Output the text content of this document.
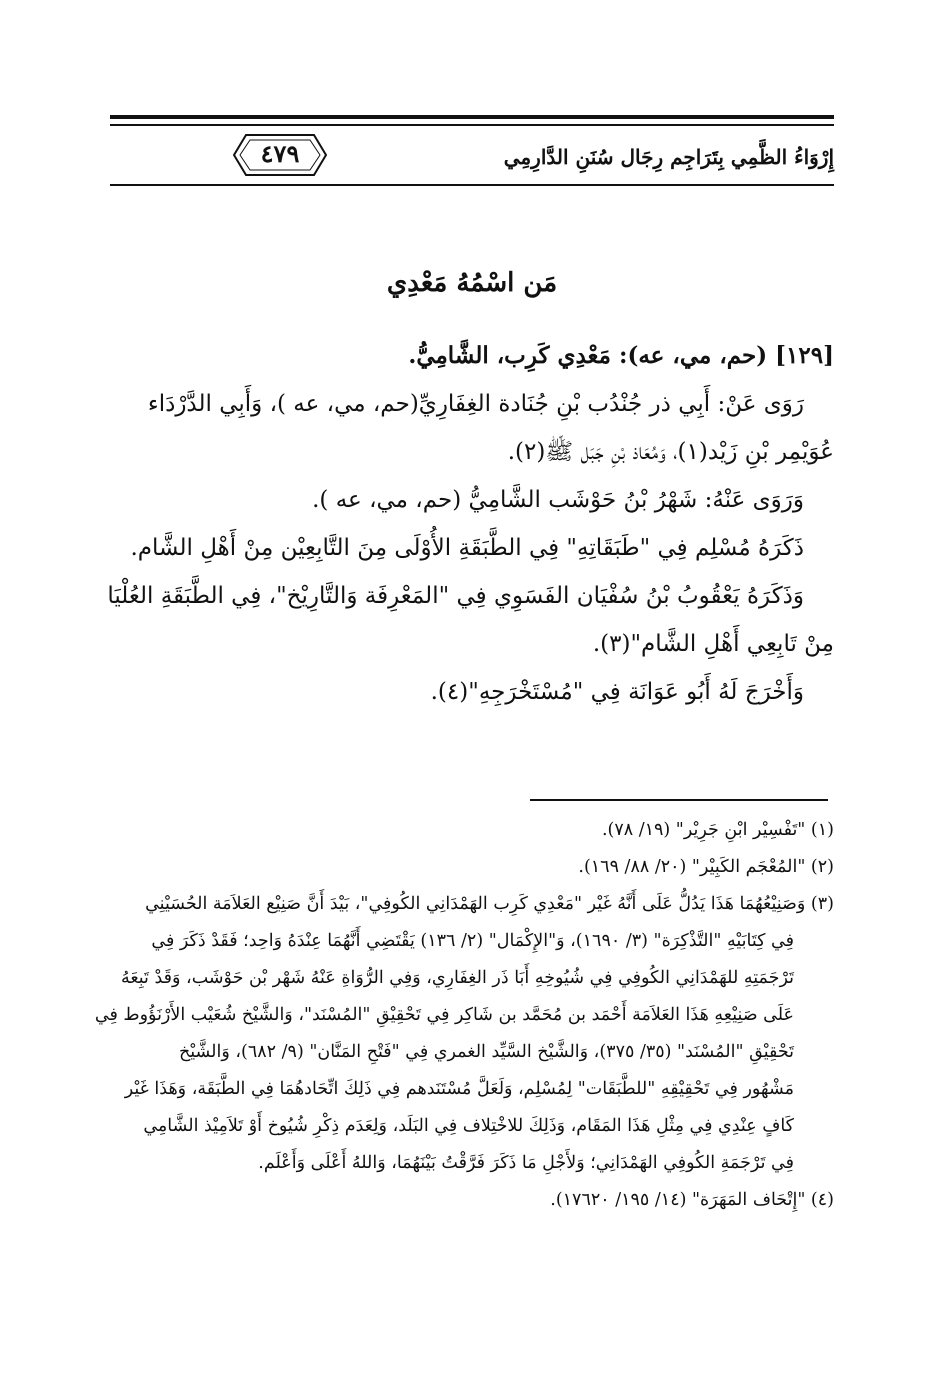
إِرْوَاءُ الظَّمِي بِتَرَاجِم رِجَال سُنَنِ الدَّارِمِي
٤٧٩
مَن اسْمُهُ مَعْدِي
[١٢٩] (حم، مي، عه): مَعْدِي كَرِب، الشَّامِيُّ.
رَوَى عَنْ: أَبِي ذر جُنْدُب بْنِ جُنَادة الغِفَارِيِّ(حم، مي، عه )، وَأَبِي الدَّرْدَاء
عُوَيْمِر بْنِ زَيْد(١)، وَمُعَاذ بْنِ جَبَل ﷺ(٢).
وَرَوَى عَنْهُ: شَهْرُ بْنُ حَوْشَب الشَّامِيُّ (حم، مي، عه ).
ذَكَرَهُ مُسْلِم فِي "طَبَقَاتِهِ" فِي الطَّبَقَةِ الأُوْلَى مِنَ التَّابِعِيْن مِنْ أَهْلِ الشَّام.
وَذَكَرَهُ يَعْقُوبُ بْنُ سُفْيَان الفَسَوِي فِي "المَعْرِفَة وَالتَّارِيْخ"، فِي الطَّبَقَةِ العُلْيَا
مِنْ تَابِعِي أَهْلِ الشَّام"(٣).
وَأَخْرَجَ لَهُ أَبُو عَوَانَة فِي "مُسْتَخْرَجِهِ"(٤).
(١) "تَفْسِيْر ابْنِ جَرِيْر" (١٩/ ٧٨).
(٢) "المُعْجَم الكَبِيْر" (٢٠/ ٨٨/ ١٦٩).
(٣) وَصَنِيْعُهُمَا هَذَا يَدُلُّ عَلَى أَنَّهُ غَيْر "مَعْدِي كَرِب الهَمْدَانِي الكُوفِي"، بَيْدَ أَنَّ صَنِيْع العَلاَمَة الحُسَيْنِي
فِي كِتَابَيْهِ "التَّذْكِرَة" (٣/ ١٦٩٠)، وَ"الإِكْمَال" (٢/ ١٣٦) يَقْتَضِي أَنَّهُمَا عِنْدَهُ وَاحِد؛ فَقَدْ ذَكَرَ فِي
تَرْجَمَتِهِ للهَمْدَانِي الكُوفِي فِي شُيُوخِهِ أَبَا ذَر الغِفَارِي، وَفِي الرُّوَاةِ عَنْهُ شَهْر بْن حَوْشَب، وَقَدْ تَبِعَهُ
عَلَى صَنِيْعِهِ هَذَا العَلاَمَة أَحْمَد بن مُحَمَّد بن شَاكِر فِي تَحْقِيْقِ "المُسْنَد"، وَالشَّيْخ شُعَيْب الأَرْنَؤُوط فِي
تَحْقِيْقِ "المُسْنَد" (٣٥/ ٣٧٥)، وَالشَّيْخ السَّيِّد الغمري فِي "فَتْحِ المَنَّان" (٩/ ٦٨٢)، وَالشَّيْخ
مَشْهُور فِي تَحْقِيْقِهِ "للطَّبَقَات" لِمُسْلِم، وَلَعَلَّ مُسْتَنَدهم فِي ذَلِكَ اتِّحَادهُمَا فِي الطَّبَقَة، وَهَذَا غَيْر
كَافٍ عِنْدِي فِي مِثْلِ هَذَا المَقَام، وَذَلِكَ للاخْتِلاف فِي البَلَد، وَلِعَدَم ذِكْرِ شُيُوخ أَوْ تَلاَمِيْذ الشَّامِي
فِي تَرْجَمَةِ الكُوفِي الهَمْدَانِي؛ وَلأَجْلِ مَا ذَكَرَ فَرَّقْتُ بَيْنَهُمَا، وَاللهُ أَعْلَى وَأَعْلَم.
(٤) "إِتْحَاف المَهَرَة" (١٤/ ١٩٥/ ١٧٦٢٠).
